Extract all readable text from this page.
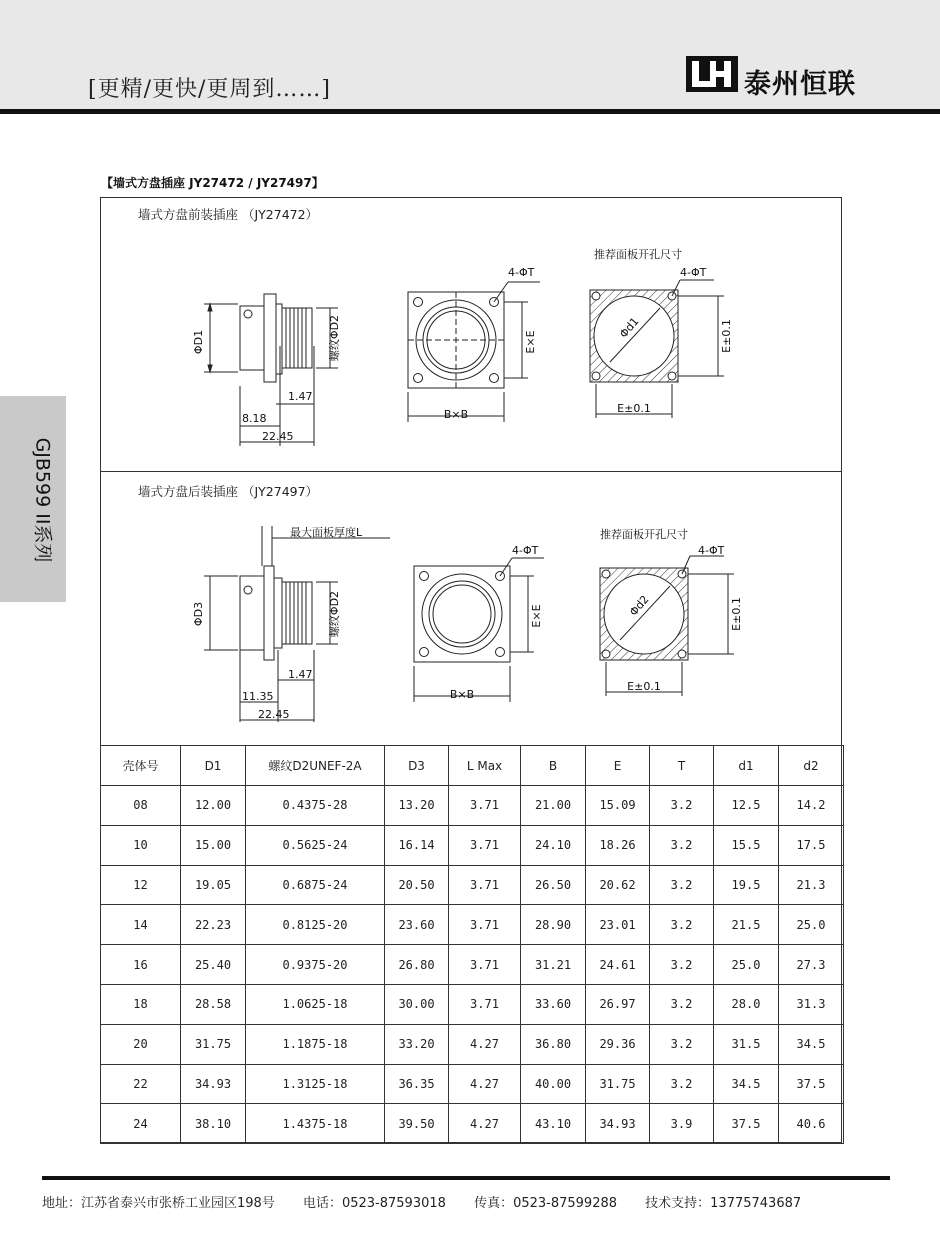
[更精/更快/更周到……]	泰州恒联
GJB599 II系列
【墙式方盘插座 JY27472 / JY27497】
墙式方盘前装插座 （JY27472）
墙式方盘后装插座 （JY27497）
ΦD1	螺纹ΦD2
1.47
8.18
22.45
4-ΦT
E×E
B×B
推荐面板开孔尺寸
4-ΦT
Φd1	E±0.1
E±0.1
最大面板厚度L
ΦD3	螺纹ΦD2
1.47
11.35
22.45
4-ΦT
E×E
B×B
推荐面板开孔尺寸
4-ΦT
Φd2	E±0.1
E±0.1
壳体号	D1	螺纹D2UNEF-2A	D3	L Max	B	E	T	d1	d2
08	12.00	0.4375-28	13.20	3.71	21.00	15.09	3.2	12.5	14.2
10	15.00	0.5625-24	16.14	3.71	24.10	18.26	3.2	15.5	17.5
12	19.05	0.6875-24	20.50	3.71	26.50	20.62	3.2	19.5	21.3
14	22.23	0.8125-20	23.60	3.71	28.90	23.01	3.2	21.5	25.0
16	25.40	0.9375-20	26.80	3.71	31.21	24.61	3.2	25.0	27.3
18	28.58	1.0625-18	30.00	3.71	33.60	26.97	3.2	28.0	31.3
20	31.75	1.1875-18	33.20	4.27	36.80	29.36	3.2	31.5	34.5
22	34.93	1.3125-18	36.35	4.27	40.00	31.75	3.2	34.5	37.5
24	38.10	1.4375-18	39.50	4.27	43.10	34.93	3.9	37.5	40.6
地址：江苏省泰兴市张桥工业园区198号 电话：0523-87593018 传真：0523-87599288 技术支持：13775743687
